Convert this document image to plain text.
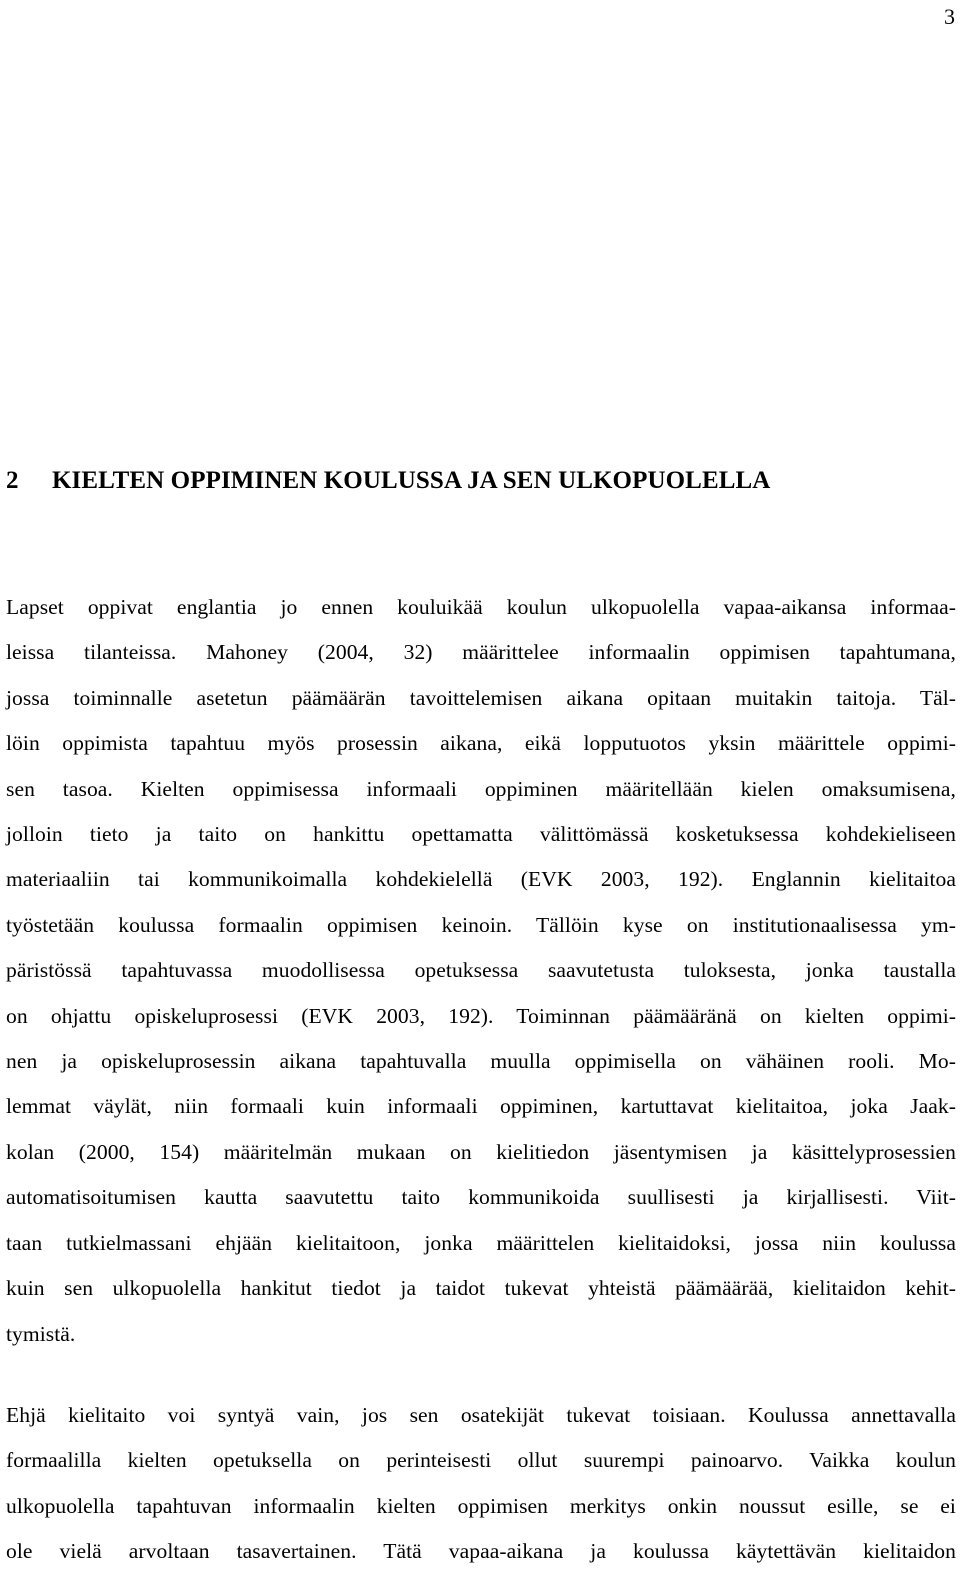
3
2 KIELTEN OPPIMINEN KOULUSSA JA SEN ULKOPUOLELLA
Lapset oppivat englantia jo ennen kouluikää koulun ulkopuolella vapaa-aikansa informaa-
leissa tilanteissa. Mahoney (2004, 32) määrittelee informaalin oppimisen tapahtumana,
jossa toiminnalle asetetun päämäärän tavoittelemisen aikana opitaan muitakin taitoja. Täl-
löin oppimista tapahtuu myös prosessin aikana, eikä lopputuotos yksin määrittele oppimi-
sen tasoa. Kielten oppimisessa informaali oppiminen määritellään kielen omaksumisena,
jolloin tieto ja taito on hankittu opettamatta välittömässä kosketuksessa kohdekieliseen
materiaaliin tai kommunikoimalla kohdekielellä (EVK 2003, 192). Englannin kielitaitoa
työstetään koulussa formaalin oppimisen keinoin. Tällöin kyse on institutionaalisessa ym-
päristössä tapahtuvassa muodollisessa opetuksessa saavutetusta tuloksesta, jonka taustalla
on ohjattu opiskeluprosessi (EVK 2003, 192). Toiminnan päämääränä on kielten oppimi-
nen ja opiskeluprosessin aikana tapahtuvalla muulla oppimisella on vähäinen rooli. Mo-
lemmat väylät, niin formaali kuin informaali oppiminen, kartuttavat kielitaitoa, joka Jaak-
kolan (2000, 154) määritelmän mukaan on kielitiedon jäsentymisen ja käsittelyprosessien
automatisoitumisen kautta saavutettu taito kommunikoida suullisesti ja kirjallisesti. Viit-
taan tutkielmassani ehjään kielitaitoon, jonka määrittelen kielitaidoksi, jossa niin koulussa
kuin sen ulkopuolella hankitut tiedot ja taidot tukevat yhteistä päämäärää, kielitaidon kehit-
tymistä.
Ehjä kielitaito voi syntyä vain, jos sen osatekijät tukevat toisiaan. Koulussa annettavalla
formaalilla kielten opetuksella on perinteisesti ollut suurempi painoarvo. Vaikka koulun
ulkopuolella tapahtuvan informaalin kielten oppimisen merkitys onkin noussut esille, se ei
ole vielä arvoltaan tasavertainen. Tätä vapaa-aikana ja koulussa käytettävän kielitaidon
